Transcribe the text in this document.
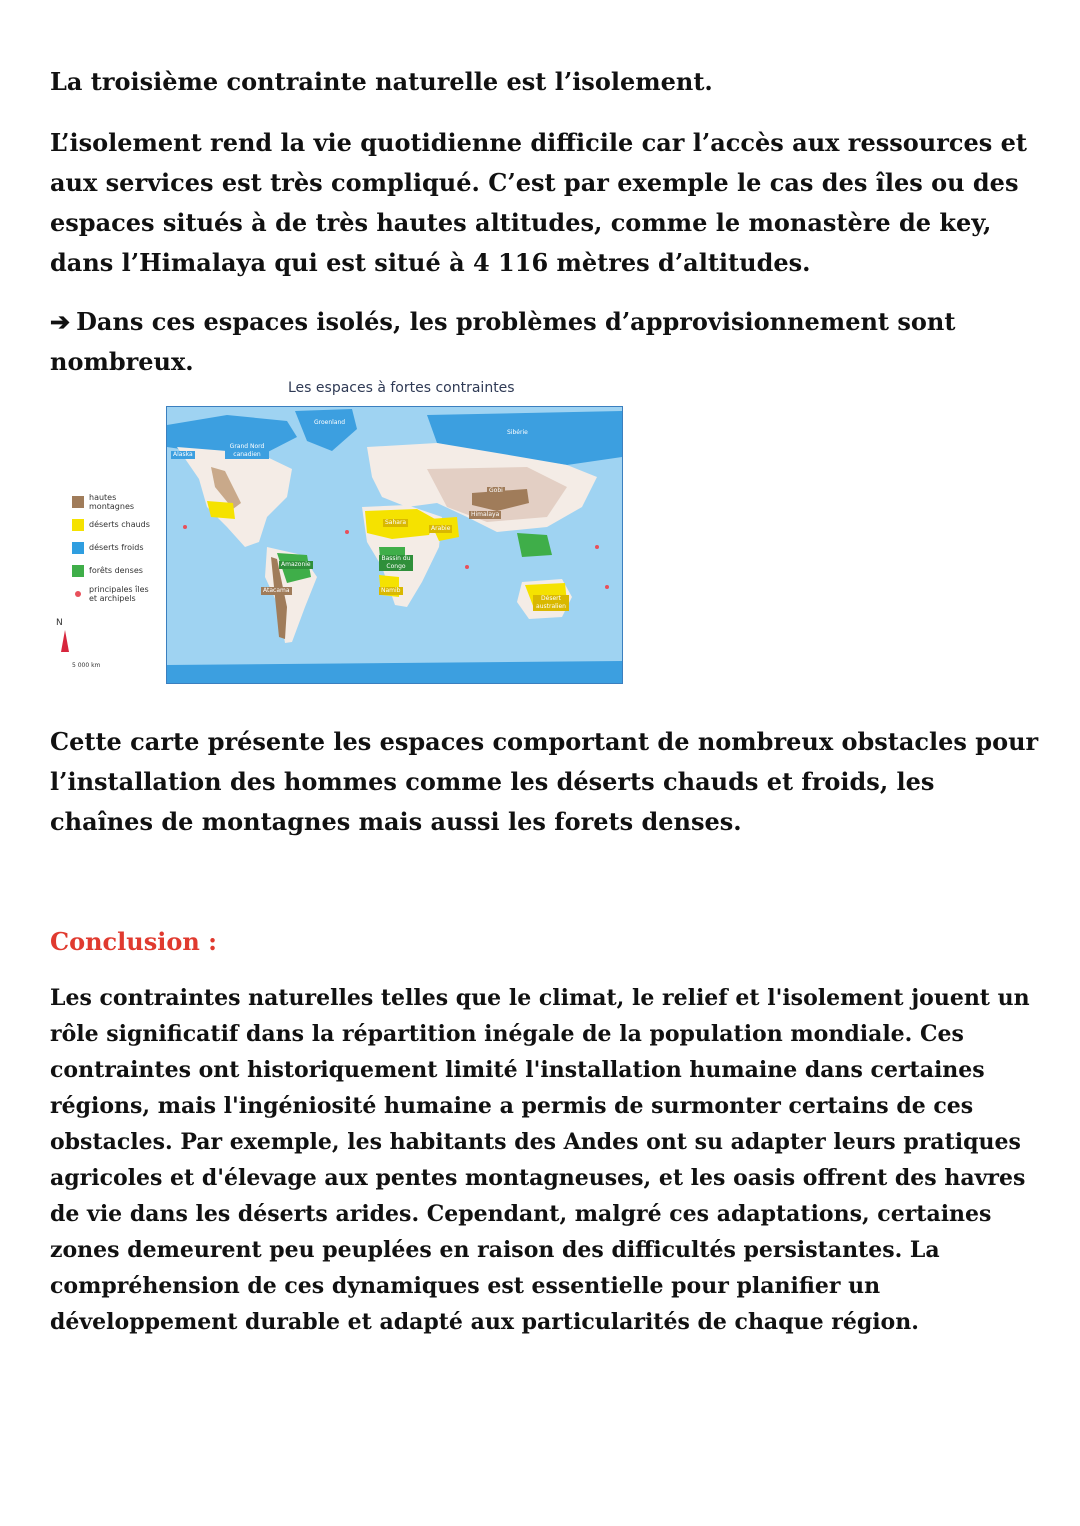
La troisième contrainte naturelle est l’isolement.

L’isolement rend la vie quotidienne difficile car l’accès aux ressources et aux services est très compliqué. C’est par exemple le cas des îles ou des espaces situés à de très hautes altitudes, comme le monastère de key, dans l’Himalaya qui est situé à 4 116 mètres d’altitudes.

➔ Dans ces espaces isolés, les problèmes d’approvisionnement sont nombreux.

Les espaces à fortes contraintes
hautes montagnes
déserts chauds
déserts froids
forêts denses
principales îles et archipels
N
5 000 km
Alaska
Grand Nord canadien
Groenland
Sibérie
Gobi
Himalaya
Sahara
Arabie
Amazonie
Bassin du Congo
Atacama	Namib
Désert australien

Cette carte présente les espaces comportant de nombreux obstacles pour l’installation des hommes comme les déserts chauds et froids, les chaînes de montagnes mais aussi les forets denses.

Conclusion :

Les contraintes naturelles telles que le climat, le relief et l'isolement jouent un rôle significatif dans la répartition inégale de la population mondiale. Ces contraintes ont historiquement limité l'installation humaine dans certaines régions, mais l'ingéniosité humaine a permis de surmonter certains de ces obstacles. Par exemple, les habitants des Andes ont su adapter leurs pratiques agricoles et d'élevage aux pentes montagneuses, et les oasis offrent des havres de vie dans les déserts arides. Cependant, malgré ces adaptations, certaines zones demeurent peu peuplées en raison des difficultés persistantes. La compréhension de ces dynamiques est essentielle pour planifier un développement durable et adapté aux particularités de chaque région.
